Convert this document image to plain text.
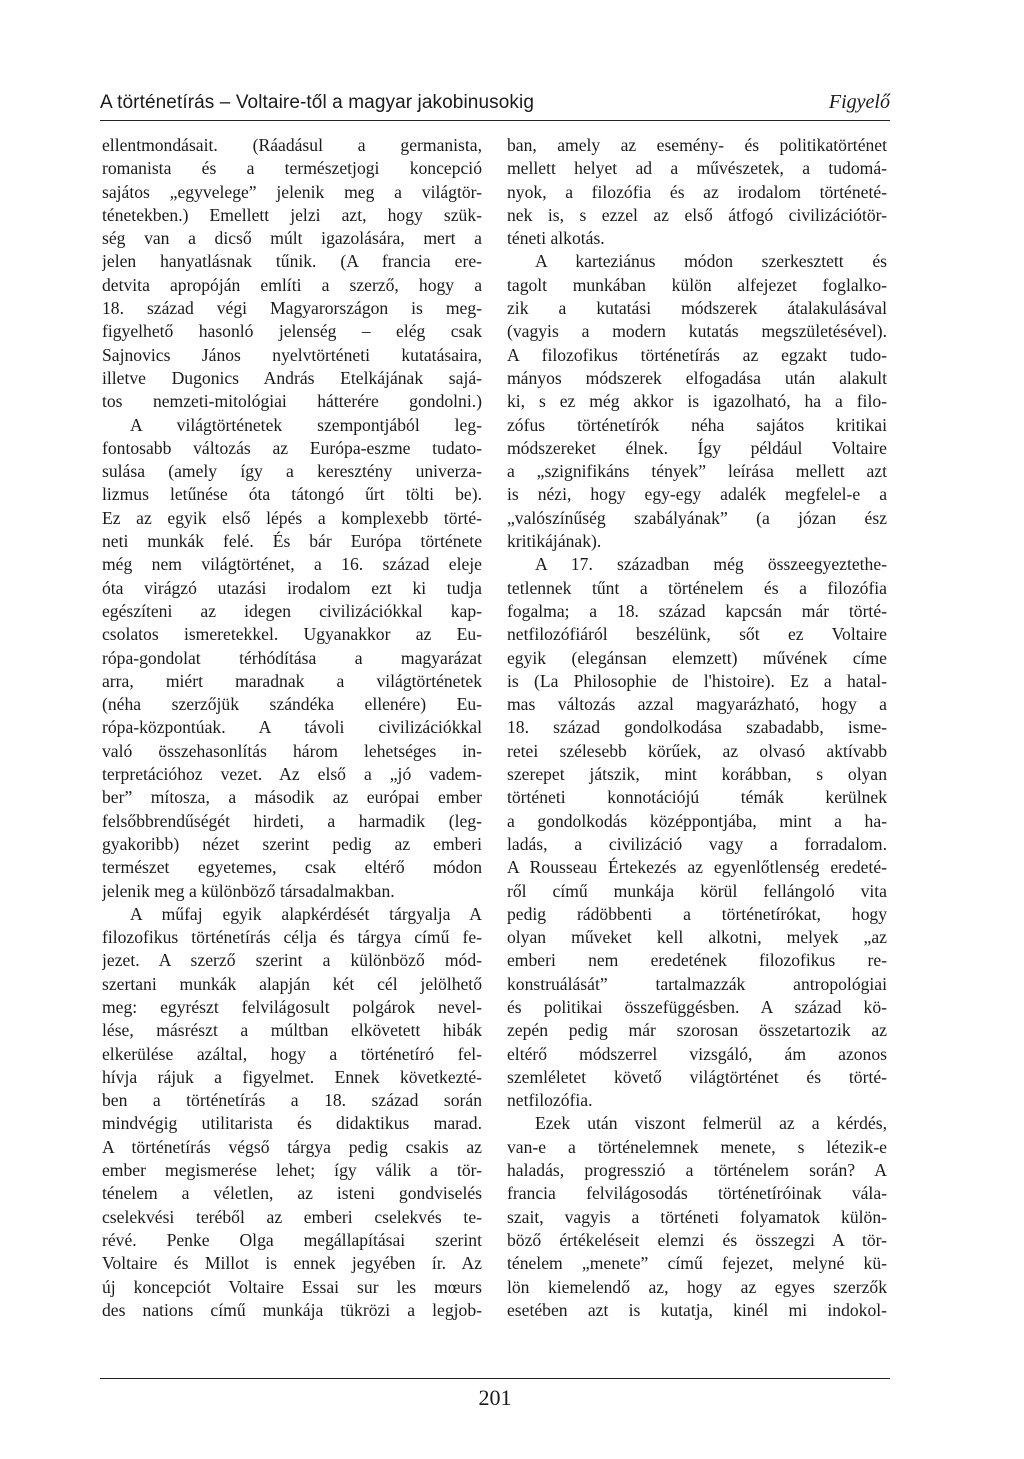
A történetírás – Voltaire-től a magyar jakobinusokig	Figyelő
ellentmondásait. (Ráadásul a germanista,
romanista és a természetjogi koncepció
sajátos „egyvelege” jelenik meg a világtör-
ténetekben.) Emellett jelzi azt, hogy szük-
ség van a dicső múlt igazolására, mert a
jelen hanyatlásnak tűnik. (A francia ere-
detvita apropóján említi a szerző, hogy a
18. század végi Magyarországon is meg-
figyelhető hasonló jelenség – elég csak
Sajnovics János nyelvtörténeti kutatásaira,
illetve Dugonics András Etelkájának sajá-
tos nemzeti-mitológiai hátterére gondolni.)
A világtörténetek szempontjából leg-
fontosabb változás az Európa-eszme tudato-
sulása (amely így a keresztény univerza-
lizmus letűnése óta tátongó űrt tölti be).
Ez az egyik első lépés a komplexebb törté-
neti munkák felé. És bár Európa története
még nem világtörténet, a 16. század eleje
óta virágzó utazási irodalom ezt ki tudja
egészíteni az idegen civilizációkkal kap-
csolatos ismeretekkel. Ugyanakkor az Eu-
rópa-gondolat térhódítása a magyarázat
arra, miért maradnak a világtörténetek
(néha szerzőjük szándéka ellenére) Eu-
rópa-központúak. A távoli civilizációkkal
való összehasonlítás három lehetséges in-
terpretációhoz vezet. Az első a „jó vadem-
ber” mítosza, a második az európai ember
felsőbbrendűségét hirdeti, a harmadik (leg-
gyakoribb) nézet szerint pedig az emberi
természet egyetemes, csak eltérő módon
jelenik meg a különböző társadalmakban.
A műfaj egyik alapkérdését tárgyalja A
filozofikus történetírás célja és tárgya című fe-
jezet. A szerző szerint a különböző mód-
szertani munkák alapján két cél jelölhető
meg: egyrészt felvilágosult polgárok nevel-
lése, másrészt a múltban elkövetett hibák
elkerülése azáltal, hogy a történetíró fel-
hívja rájuk a figyelmet. Ennek következté-
ben a történetírás a 18. század során
mindvégig utilitarista és didaktikus marad.
A történetírás végső tárgya pedig csakis az
ember megismerése lehet; így válik a tör-
ténelem a véletlen, az isteni gondviselés
cselekvési teréből az emberi cselekvés te-
révé. Penke Olga megállapításai szerint
Voltaire és Millot is ennek jegyében ír. Az
új koncepciót Voltaire Essai sur les mœurs
des nations című munkája tükrözi a legjob-
ban, amely az esemény- és politikatörténet
mellett helyet ad a művészetek, a tudomá-
nyok, a filozófia és az irodalom történeté-
nek is, s ezzel az első átfogó civilizációtör-
téneti alkotás.
A karteziánus módon szerkesztett és
tagolt munkában külön alfejezet foglalko-
zik a kutatási módszerek átalakulásával
(vagyis a modern kutatás megszületésével).
A filozofikus történetírás az egzakt tudo-
mányos módszerek elfogadása után alakult
ki, s ez még akkor is igazolható, ha a filo-
zófus történetírók néha sajátos kritikai
módszereket élnek. Így például Voltaire
a „szignifikáns tények” leírása mellett azt
is nézi, hogy egy-egy adalék megfelel-e a
„valószínűség szabályának” (a józan ész
kritikájának).
A 17. században még összeegyeztethe-
tetlennek tűnt a történelem és a filozófia
fogalma; a 18. század kapcsán már törté-
netfilozófiáról beszélünk, sőt ez Voltaire
egyik (elegánsan elemzett) művének címe
is (La Philosophie de l'histoire). Ez a hatal-
mas változás azzal magyarázható, hogy a
18. század gondolkodása szabadabb, isme-
retei szélesebb körűek, az olvasó aktívabb
szerepet játszik, mint korábban, s olyan
történeti konnotációjú témák kerülnek
a gondolkodás középpontjába, mint a ha-
ladás, a civilizáció vagy a forradalom.
A Rousseau Értekezés az egyenlőtlenség eredeté-
ről című munkája körül fellángoló vita
pedig rádöbbenti a történetírókat, hogy
olyan műveket kell alkotni, melyek „az
emberi nem eredetének filozofikus re-
konstruálását” tartalmazzák antropológiai
és politikai összefüggésben. A század kö-
zepén pedig már szorosan összetartozik az
eltérő módszerrel vizsgáló, ám azonos
szemléletet követő világtörténet és törté-
netfilozófia.
Ezek után viszont felmerül az a kérdés,
van-e a történelemnek menete, s létezik-e
haladás, progresszió a történelem során? A
francia felvilágosodás történetíróinak vála-
szait, vagyis a történeti folyamatok külön-
böző értékeléseit elemzi és összegzi A tör-
ténelem „menete” című fejezet, melyné kü-
lön kiemelendő az, hogy az egyes szerzők
esetében azt is kutatja, kinél mi indokol-
201
